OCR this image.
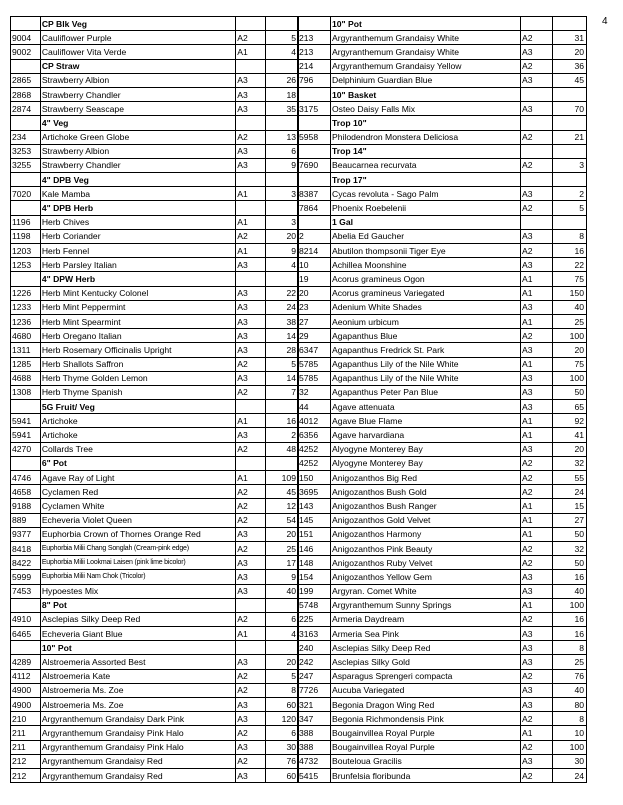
4
	CP Blk Veg		
9004	Cauliflower Purple	A2	5
9002	Cauliflower Vita Verde	A1	4
	CP Straw		
2865	Strawberry Albion	A3	26
2868	Strawberry Chandler	A3	18
2874	Strawberry Seascape	A3	35
	4" Veg		
234	Artichoke Green Globe	A2	13
3253	Strawberry Albion	A3	6
3255	Strawberry Chandler	A3	9
	4" DPB Veg		
7020	Kale Mamba	A1	3
	4" DPB Herb		
1196	Herb Chives	A1	3
1198	Herb Coriander	A2	20
1203	Herb Fennel	A1	9
1253	Herb Parsley Italian	A3	4
	4" DPW Herb		
1226	Herb Mint Kentucky Colonel	A3	22
1233	Herb Mint Peppermint	A3	24
1236	Herb Mint Spearmint	A3	38
4680	Herb Oregano Italian	A3	14
1311	Herb Rosemary Officinalis Upright	A3	28
1285	Herb Shallots Saffron	A2	5
4688	Herb Thyme Golden Lemon	A3	14
1308	Herb Thyme Spanish	A2	7
	5G Fruit/ Veg		
5941	Artichoke	A1	16
5941	Artichoke	A3	2
4270	Collards Tree	A2	48
	6" Pot		
4746	Agave Ray of Light	A1	109
4658	Cyclamen Red	A2	45
9188	Cyclamen White	A2	12
889	Echeveria Violet Queen	A2	54
9377	Euphorbia Crown of Thornes Orange Red	A3	20
8418	Euphorbia Milii Chang Songlah (Cream-pink edge)	A2	25
8422	Euphorbia Milii Lookmai Laisen (pink lime bicolor)	A3	17
5999	Euphorbia Milii Nam Chok (Tricolor)	A3	9
7453	Hypoestes Mix	A3	40
	8" Pot		
4910	Asclepias Silky Deep Red	A2	6
6465	Echeveria Giant Blue	A1	4
	10" Pot		
4289	Alstroemeria Assorted Best	A3	20
4112	Alstroemeria Kate	A2	5
4900	Alstroemeria Ms. Zoe	A2	8
4900	Alstroemeria Ms. Zoe	A3	60
210	Argyranthemum Grandaisy Dark Pink	A3	120
211	Argyranthemum Grandaisy Pink Halo	A2	6
211	Argyranthemum Grandaisy Pink Halo	A3	30
212	Argyranthemum Grandaisy Red	A2	76
212	Argyranthemum Grandaisy Red	A3	60
	10" Pot		
213	Argyranthemum Grandaisy White	A2	31
213	Argyranthemum Grandaisy White	A3	20
214	Argyranthemum Grandaisy Yellow	A2	36
796	Delphinium Guardian Blue	A3	45
	10" Basket		
3175	Osteo Daisy Falls Mix	A3	70
	Trop 10"		
5958	Philodendron Monstera Deliciosa	A2	21
	Trop 14"		
7690	Beaucarnea recurvata	A2	3
	Trop 17"		
8387	Cycas revoluta - Sago Palm	A3	2
7864	Phoenix Roebelenii	A2	5
	1 Gal		
2	Abelia Ed Gaucher	A3	8
8214	Abutilon thompsonii Tiger Eye	A2	16
10	Achillea Moonshine	A3	22
19	Acorus gramineus Ogon	A1	75
20	Acorus gramineus Variegated	A1	150
23	Adenium White Shades	A3	40
27	Aeonium urbicum	A1	25
29	Agapanthus Blue	A2	100
6347	Agapanthus Fredrick St. Park	A3	20
5785	Agapanthus Lily of the Nile White	A1	75
5785	Agapanthus Lily of the Nile White	A3	100
32	Agapanthus Peter Pan Blue	A3	50
44	Agave attenuata	A3	65
4012	Agave Blue Flame	A1	92
6356	Agave harvardiana	A1	41
4252	Alyogyne Monterey Bay	A3	20
4252	Alyogyne Monterey Bay	A2	32
150	Anigozanthos Big Red	A2	55
3695	Anigozanthos Bush Gold	A2	24
143	Anigozanthos Bush Ranger	A1	15
145	Anigozanthos Gold Velvet	A1	27
151	Anigozanthos Harmony	A1	50
146	Anigozanthos Pink Beauty	A2	32
148	Anigozanthos Ruby Velvet	A2	50
154	Anigozanthos Yellow Gem	A3	16
199	Argyran. Comet White	A3	40
5748	Argyranthemum Sunny Springs	A1	100
225	Armeria Daydream	A2	16
3163	Armeria Sea Pink	A3	16
240	Asclepias Silky Deep Red	A3	8
242	Asclepias Silky Gold	A3	25
247	Asparagus Sprengeri compacta	A2	76
7726	Aucuba Variegated	A3	40
321	Begonia Dragon Wing Red	A3	80
347	Begonia Richmondensis Pink	A2	8
388	Bougainvillea Royal Purple	A1	10
388	Bougainvillea Royal Purple	A2	100
4732	Bouteloua Gracilis	A3	30
5415	Brunfelsia floribunda	A2	24
